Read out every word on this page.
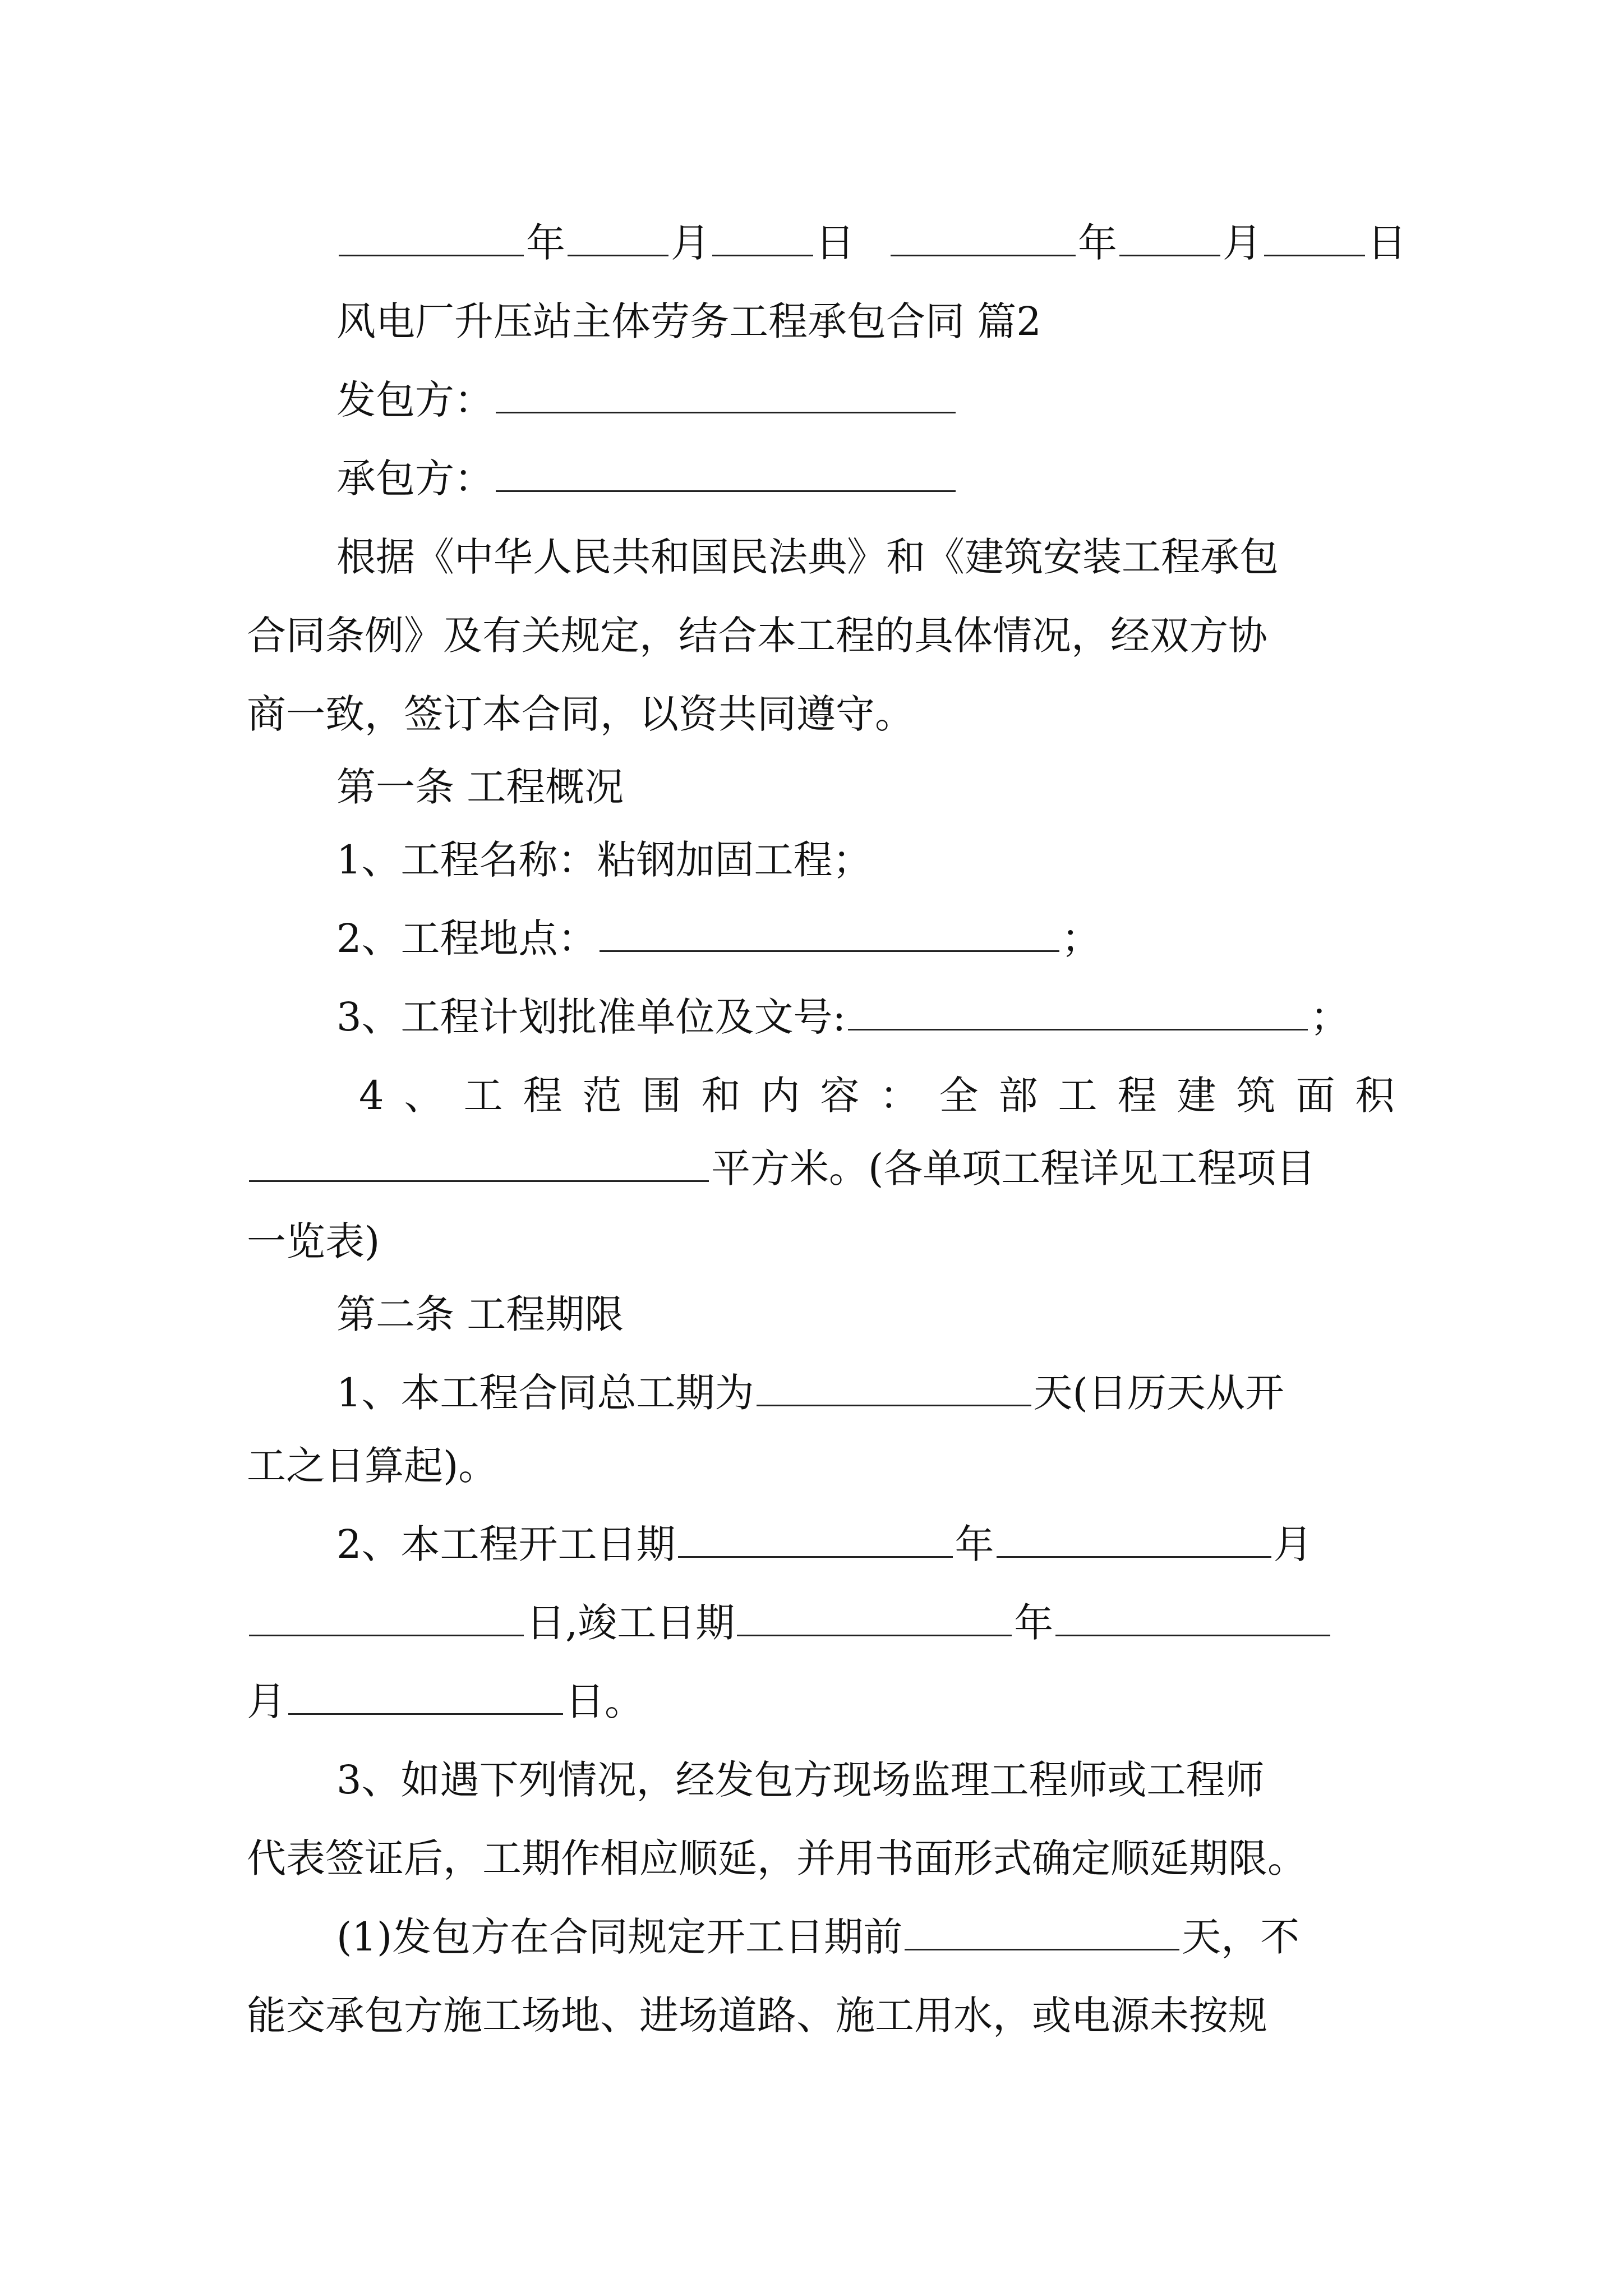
年	月	日	年	月	日
风电厂升压站主体劳务工程承包合同 篇2
发包方：
承包方：
根据《中华人民共和国民法典》和《建筑安装工程承包
合同条例》及有关规定，结合本工程的具体情况，经双方协
商一致，签订本合同，以资共同遵守。
第一条 工程概况
1、工程名称：粘钢加固工程；
2、工程地点：	；
3、工程计划批准单位及文号:	；
4、工程范围和内容：全部工程建筑面积
平方米。(各单项工程详见工程项目
一览表)
第二条 工程期限
1、本工程合同总工期为	天(日历天从开
工之日算起)。
2、本工程开工日期	年	月
日,竣工日期	年
月	日。
3、如遇下列情况，经发包方现场监理工程师或工程师
代表签证后，工期作相应顺延，并用书面形式确定顺延期限。
(1)发包方在合同规定开工日期前	天，不
能交承包方施工场地、进场道路、施工用水，或电源未按规
